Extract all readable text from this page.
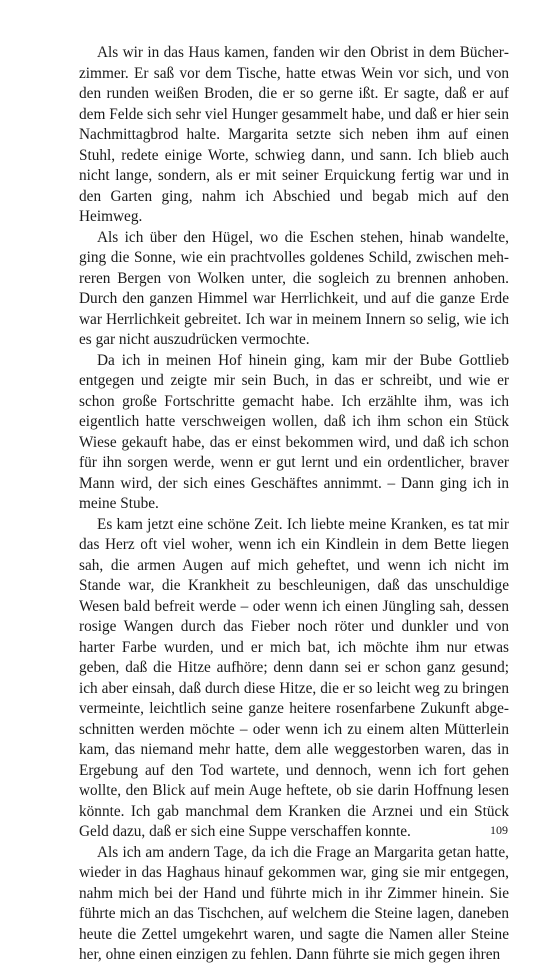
Als wir in das Haus kamen, fanden wir den Obrist in dem Bücherzimmer. Er saß vor dem Tische, hatte etwas Wein vor sich, und von den runden weißen Broden, die er so gerne ißt. Er sagte, daß er auf dem Felde sich sehr viel Hunger gesammelt habe, und daß er hier sein Nachmittagbrod halte. Margarita setzte sich neben ihm auf einen Stuhl, redete einige Worte, schwieg dann, und sann. Ich blieb auch nicht lange, sondern, als er mit seiner Erquickung fertig war und in den Garten ging, nahm ich Abschied und begab mich auf den Heimweg.

Als ich über den Hügel, wo die Eschen stehen, hinab wandelte, ging die Sonne, wie ein prachtvolles goldenes Schild, zwischen mehreren Bergen von Wolken unter, die sogleich zu brennen anhoben. Durch den ganzen Himmel war Herrlichkeit, und auf die ganze Erde war Herrlichkeit gebreitet. Ich war in meinem Innern so selig, wie ich es gar nicht auszudrücken vermochte.

Da ich in meinen Hof hinein ging, kam mir der Bube Gottlieb entgegen und zeigte mir sein Buch, in das er schreibt, und wie er schon große Fortschritte gemacht habe. Ich erzählte ihm, was ich eigentlich hatte verschweigen wollen, daß ich ihm schon ein Stück Wiese gekauft habe, das er einst bekommen wird, und daß ich schon für ihn sorgen werde, wenn er gut lernt und ein ordentlicher, braver Mann wird, der sich eines Geschäftes annimmt. – Dann ging ich in meine Stube.

Es kam jetzt eine schöne Zeit. Ich liebte meine Kranken, es tat mir das Herz oft viel woher, wenn ich ein Kindlein in dem Bette liegen sah, die armen Augen auf mich geheftet, und wenn ich nicht im Stande war, die Krankheit zu beschleunigen, daß das unschuldige Wesen bald befreit werde – oder wenn ich einen Jüngling sah, dessen rosige Wangen durch das Fieber noch röter und dunkler und von harter Farbe wurden, und er mich bat, ich möchte ihm nur etwas geben, daß die Hitze aufhöre; denn dann sei er schon ganz gesund; ich aber einsah, daß durch diese Hitze, die er so leicht weg zu bringen vermeinte, leichtlich seine ganze heitere rosenfarbene Zukunft abgeschnitten werden möchte – oder wenn ich zu einem alten Mütterlein kam, das niemand mehr hatte, dem alle weggestorben waren, das in Ergebung auf den Tod wartete, und dennoch, wenn ich fort gehen wollte, den Blick auf mein Auge heftete, ob sie darin Hoffnung lesen könnte. Ich gab manchmal dem Kranken die Arznei und ein Stück Geld dazu, daß er sich eine Suppe verschaffen konnte.

Als ich am andern Tage, da ich die Frage an Margarita getan hatte, wieder in das Haghaus hinauf gekommen war, ging sie mir entgegen, nahm mich bei der Hand und führte mich in ihr Zimmer hinein. Sie führte mich an das Tischchen, auf welchem die Steine lagen, daneben heute die Zettel umgekehrt waren, und sagte die Namen aller Steine her, ohne einen einzigen zu fehlen. Dann führte sie mich gegen ihren

109
